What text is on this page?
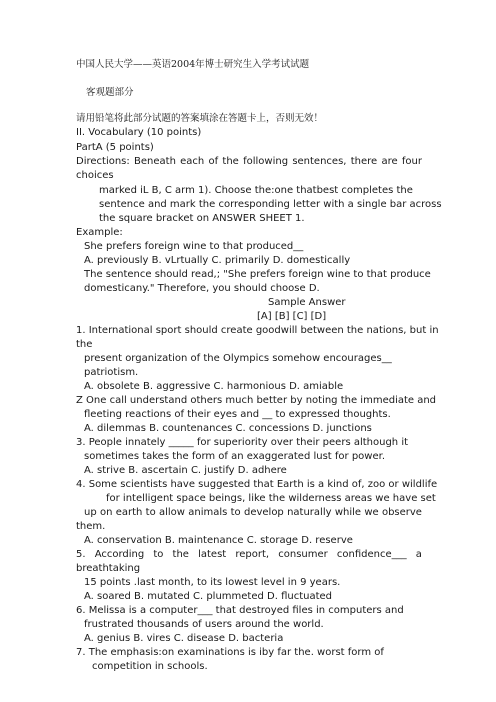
中国人民大学——英语2004年博士研究生入学考试试题
客观题部分
请用铅笔将此部分试题的答案填涂在答题卡上，否则无效！
II. Vocabulary (10 points)
PartA (5 points)
Directions: Beneath each of the following sentences, there are four
choices
marked iL B, C arm 1). Choose the:one thatbest completes the
sentence and mark the corresponding letter with a single bar across
the square bracket on ANSWER SHEET 1.
Example:
She prefers foreign wine to that produced__
A. previously B. vLrtually C. primarily D. domestically
The sentence should read,; "She prefers foreign wine to that produce
domesticany." Therefore, you should choose D.
Sample Answer
[A] [B] [C] [D]
1. International sport should create goodwill between the nations, but in
the
present organization of the Olympics somehow encourages__
patriotism.
A. obsolete B. aggressive C. harmonious D. amiable
Z One call understand others much better by noting the immediate and
fleeting reactions of their eyes and __ to expressed thoughts.
A. dilemmas B. countenances C. concessions D. junctions
3. People innately _____ for superiority over their peers although it
sometimes takes the form of an exaggerated lust for power.
A. strive B. ascertain C. justify D. adhere
4. Some scientists have suggested that Earth is a kind of, zoo or wildlife
for intelligent space beings, like the wilderness areas we have set
up on earth to allow animals to develop naturally while we observe
them.
A. conservation B. maintenance C. storage D. reserve
5. According to the latest report, consumer confidence___ a
breathtaking
15 points .last month, to its lowest level in 9 years.
A. soared B. mutated C. plummeted D. fluctuated
6. Melissa is a computer___ that destroyed files in computers and
frustrated thousands of users around the world.
A. genius B. vires C. disease D. bacteria
7. The emphasis:on examinations is iby far the. worst form of
competition in schools.
